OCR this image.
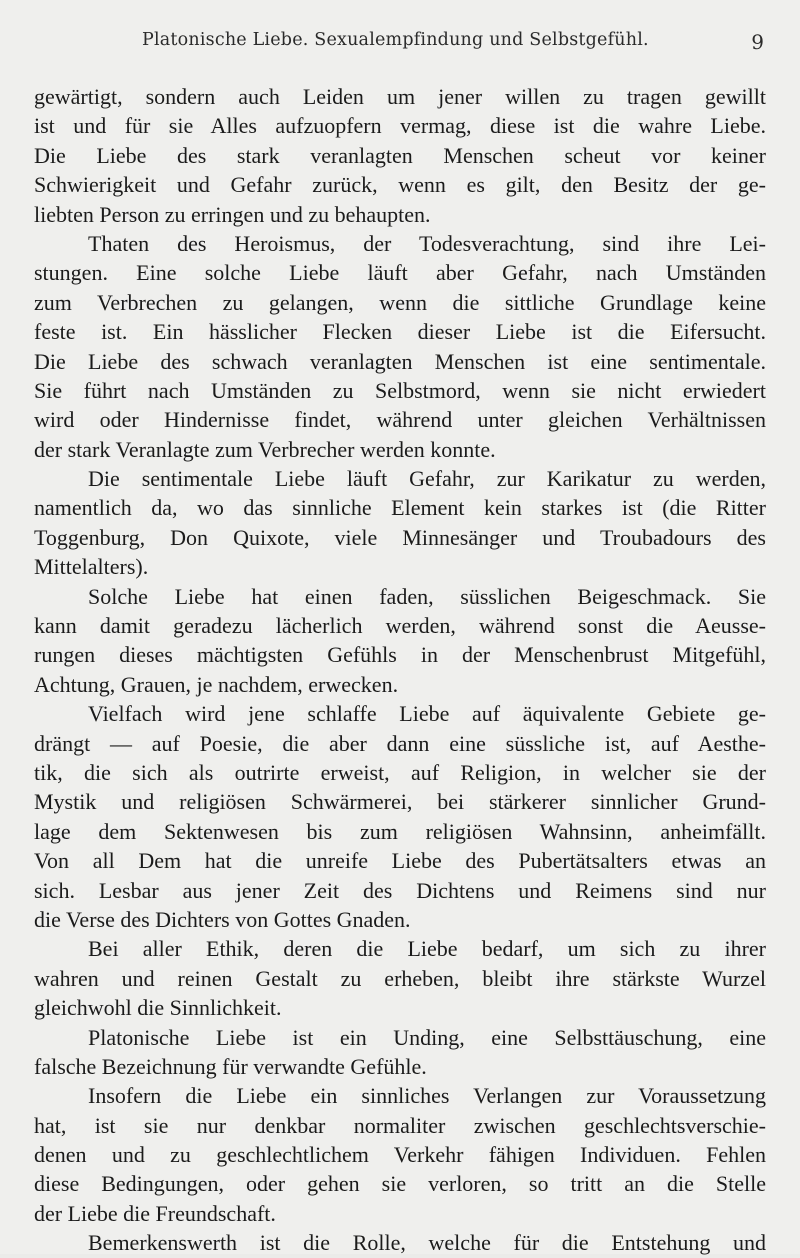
Platonische Liebe. Sexualempfindung und Selbstgefühl.	9
gewärtigt, sondern auch Leiden um jener willen zu tragen gewillt
ist und für sie Alles aufzuopfern vermag, diese ist die wahre Liebe.
Die Liebe des stark veranlagten Menschen scheut vor keiner
Schwierigkeit und Gefahr zurück, wenn es gilt, den Besitz der ge-
liebten Person zu erringen und zu behaupten.
Thaten des Heroismus, der Todesverachtung, sind ihre Lei-
stungen. Eine solche Liebe läuft aber Gefahr, nach Umständen
zum Verbrechen zu gelangen, wenn die sittliche Grundlage keine
feste ist. Ein hässlicher Flecken dieser Liebe ist die Eifersucht.
Die Liebe des schwach veranlagten Menschen ist eine sentimentale.
Sie führt nach Umständen zu Selbstmord, wenn sie nicht erwiedert
wird oder Hindernisse findet, während unter gleichen Verhältnissen
der stark Veranlagte zum Verbrecher werden konnte.
Die sentimentale Liebe läuft Gefahr, zur Karikatur zu werden,
namentlich da, wo das sinnliche Element kein starkes ist (die Ritter
Toggenburg, Don Quixote, viele Minnesänger und Troubadours des
Mittelalters).
Solche Liebe hat einen faden, süsslichen Beigeschmack. Sie
kann damit geradezu lächerlich werden, während sonst die Aeusse-
rungen dieses mächtigsten Gefühls in der Menschenbrust Mitgefühl,
Achtung, Grauen, je nachdem, erwecken.
Vielfach wird jene schlaffe Liebe auf äquivalente Gebiete ge-
drängt — auf Poesie, die aber dann eine süssliche ist, auf Aesthe-
tik, die sich als outrirte erweist, auf Religion, in welcher sie der
Mystik und religiösen Schwärmerei, bei stärkerer sinnlicher Grund-
lage dem Sektenwesen bis zum religiösen Wahnsinn, anheimfällt.
Von all Dem hat die unreife Liebe des Pubertätsalters etwas an
sich. Lesbar aus jener Zeit des Dichtens und Reimens sind nur
die Verse des Dichters von Gottes Gnaden.
Bei aller Ethik, deren die Liebe bedarf, um sich zu ihrer
wahren und reinen Gestalt zu erheben, bleibt ihre stärkste Wurzel
gleichwohl die Sinnlichkeit.
Platonische Liebe ist ein Unding, eine Selbsttäuschung, eine
falsche Bezeichnung für verwandte Gefühle.
Insofern die Liebe ein sinnliches Verlangen zur Voraussetzung
hat, ist sie nur denkbar normaliter zwischen geschlechtsverschie-
denen und zu geschlechtlichem Verkehr fähigen Individuen. Fehlen
diese Bedingungen, oder gehen sie verloren, so tritt an die Stelle
der Liebe die Freundschaft.
Bemerkenswerth ist die Rolle, welche für die Entstehung und
